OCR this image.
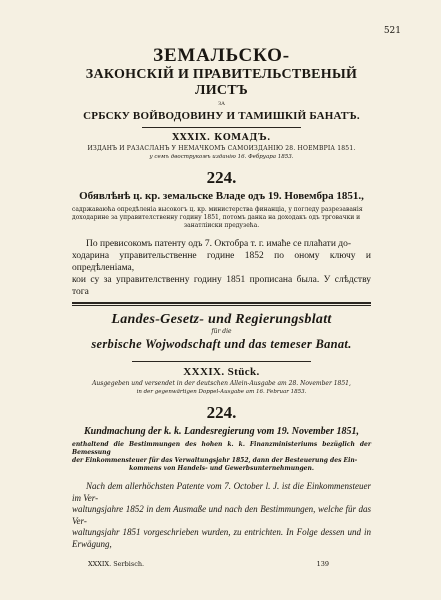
521
ЗЕМАЛЬСКО-
ЗАКОНСКІЙ И ПРАВИТЕЛЬСТВЕНЫЙ ЛИСТЪ
ЗА
СРБСКУ ВОЙВОДОВИНУ И ТАМИШКІЙ БАНАТЪ.
XXXIX. КОМАДЪ.
ИЗДАНЪ И РАЗАСЛАНЪ У НЕМАЧКОМЪ САМОИЗДАНІЮ 28. НОЕМВРІА 1851.
у семъ двострукомъ изданію 16. Фебруара 1853.
224.
Обявлѣнѣ ц. кр. земальске Владе одъ 19. Новембра 1851.,
садржаваюћа опредѣленіа высокогъ ц. кр. министерства финанціа, у погледу разрезаванія
доходарине за управителственну годину 1851, потомъ данка на доходакъ одъ трговачки и
занатліиски предузећа.
По превисокомъ патенту одъ 7. Октобра т. г. имаће се плаћати до-
ходарина управительственне године 1852 по оному ключу и опредѣленіама,
кои су за управителственну годину 1851 прописана была. У слѣдству тога
Landes-Gesetz- und Regierungsblatt
für die
serbische Wojwodschaft und das temeser Banat.
XXXIX. Stück.
Ausgegeben und versendet in der deutschen Allein-Ausgabe am 28. November 1851,
in der gegenwärtigen Doppel-Ausgabe am 16. Februar 1853.
224.
Kundmachung der k. k. Landesregierung vom 19. November 1851,
enthaltend die Bestimmungen des hohen k. k. Finanzministeriums bezüglich der Bemessung
der Einkommensteuer für das Verwaltungsjahr 1852, dann der Besteuerung des Ein-
kommens von Handels- und Gewerbsunternehmungen.
Nach dem allerhöchsten Patente vom 7. October l. J. ist die Einkommensteuer im Ver-
waltungsjahre 1852 in dem Ausmaße und nach den Bestimmungen, welche für das Ver-
waltungsjahr 1851 vorgeschrieben wurden, zu entrichten. In Folge dessen und in Erwägung,
XXXIX. Serbisch.	139
